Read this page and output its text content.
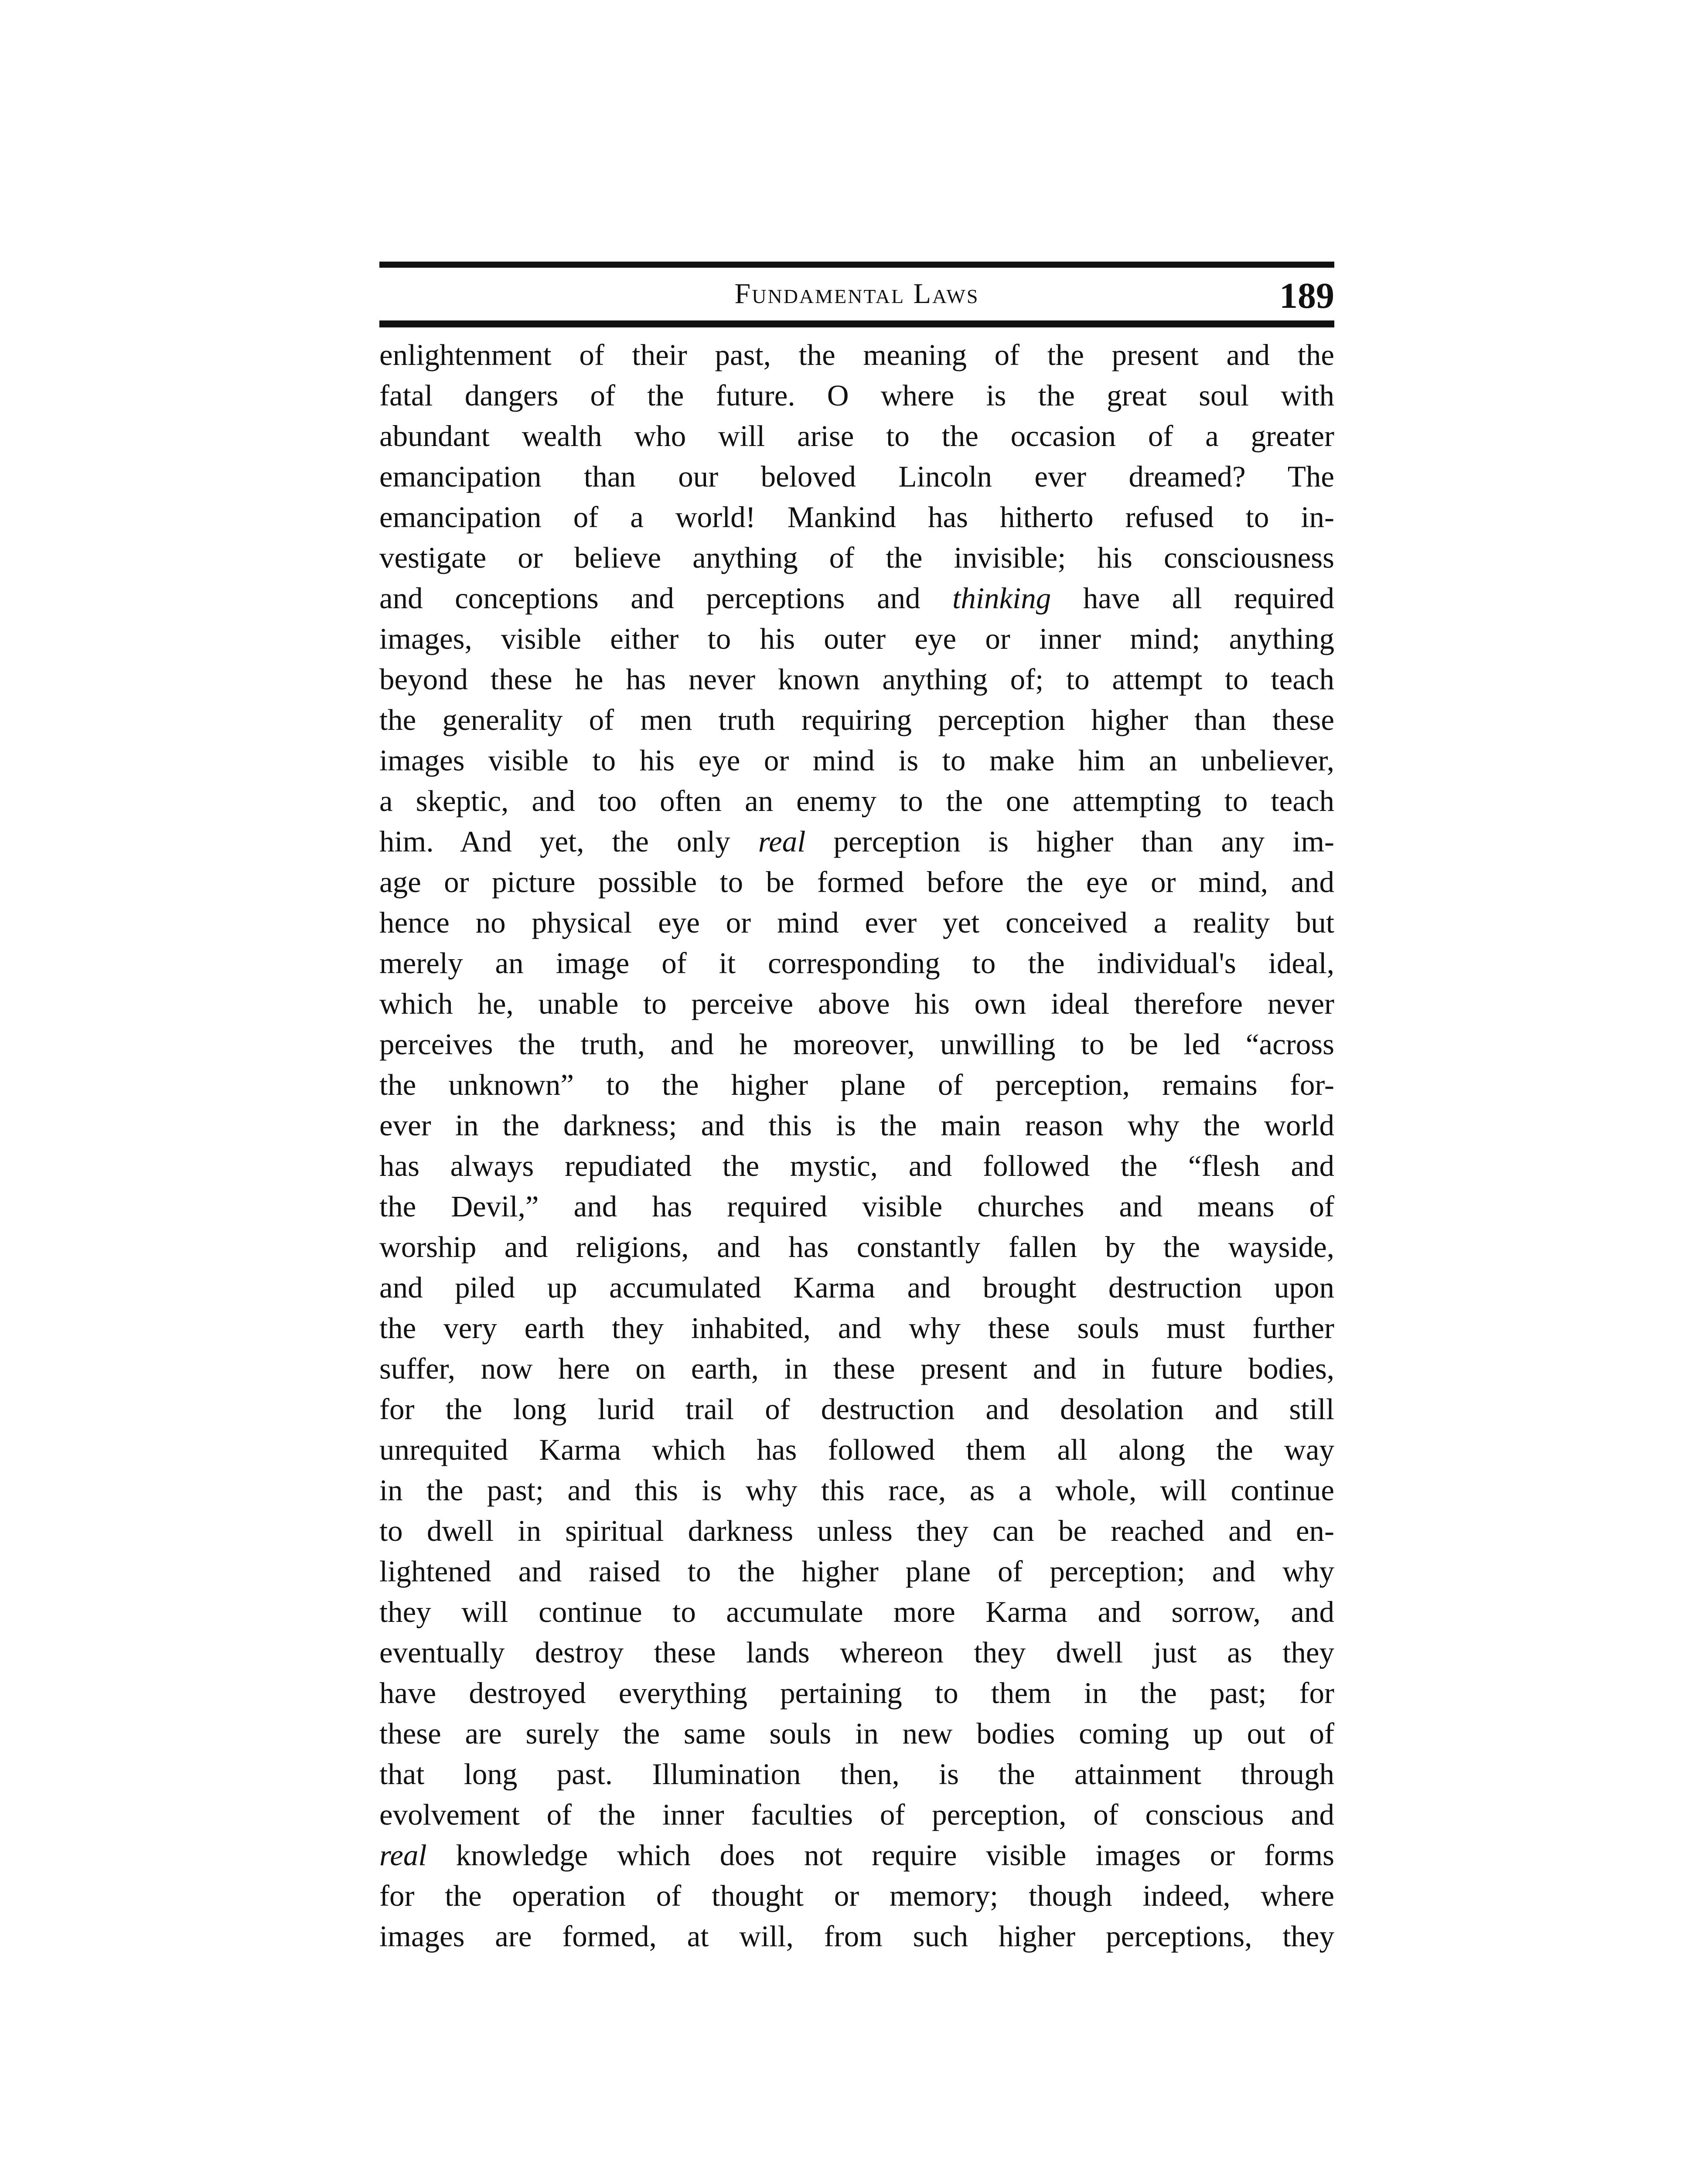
Fundamental Laws	189
enlightenment of their past, the meaning of the present and the
fatal dangers of the future. O where is the great soul with
abundant wealth who will arise to the occasion of a greater
emancipation than our beloved Lincoln ever dreamed? The
emancipation of a world! Mankind has hitherto refused to in-
vestigate or believe anything of the invisible; his consciousness
and conceptions and perceptions and thinking have all required
images, visible either to his outer eye or inner mind; anything
beyond these he has never known anything of; to attempt to teach
the generality of men truth requiring perception higher than these
images visible to his eye or mind is to make him an unbeliever,
a skeptic, and too often an enemy to the one attempting to teach
him. And yet, the only real perception is higher than any im-
age or picture possible to be formed before the eye or mind, and
hence no physical eye or mind ever yet conceived a reality but
merely an image of it corresponding to the individual's ideal,
which he, unable to perceive above his own ideal therefore never
perceives the truth, and he moreover, unwilling to be led “across
the unknown” to the higher plane of perception, remains for-
ever in the darkness; and this is the main reason why the world
has always repudiated the mystic, and followed the “flesh and
the Devil,” and has required visible churches and means of
worship and religions, and has constantly fallen by the wayside,
and piled up accumulated Karma and brought destruction upon
the very earth they inhabited, and why these souls must further
suffer, now here on earth, in these present and in future bodies,
for the long lurid trail of destruction and desolation and still
unrequited Karma which has followed them all along the way
in the past; and this is why this race, as a whole, will continue
to dwell in spiritual darkness unless they can be reached and en-
lightened and raised to the higher plane of perception; and why
they will continue to accumulate more Karma and sorrow, and
eventually destroy these lands whereon they dwell just as they
have destroyed everything pertaining to them in the past; for
these are surely the same souls in new bodies coming up out of
that long past. Illumination then, is the attainment through
evolvement of the inner faculties of perception, of conscious and
real knowledge which does not require visible images or forms
for the operation of thought or memory; though indeed, where
images are formed, at will, from such higher perceptions, they
